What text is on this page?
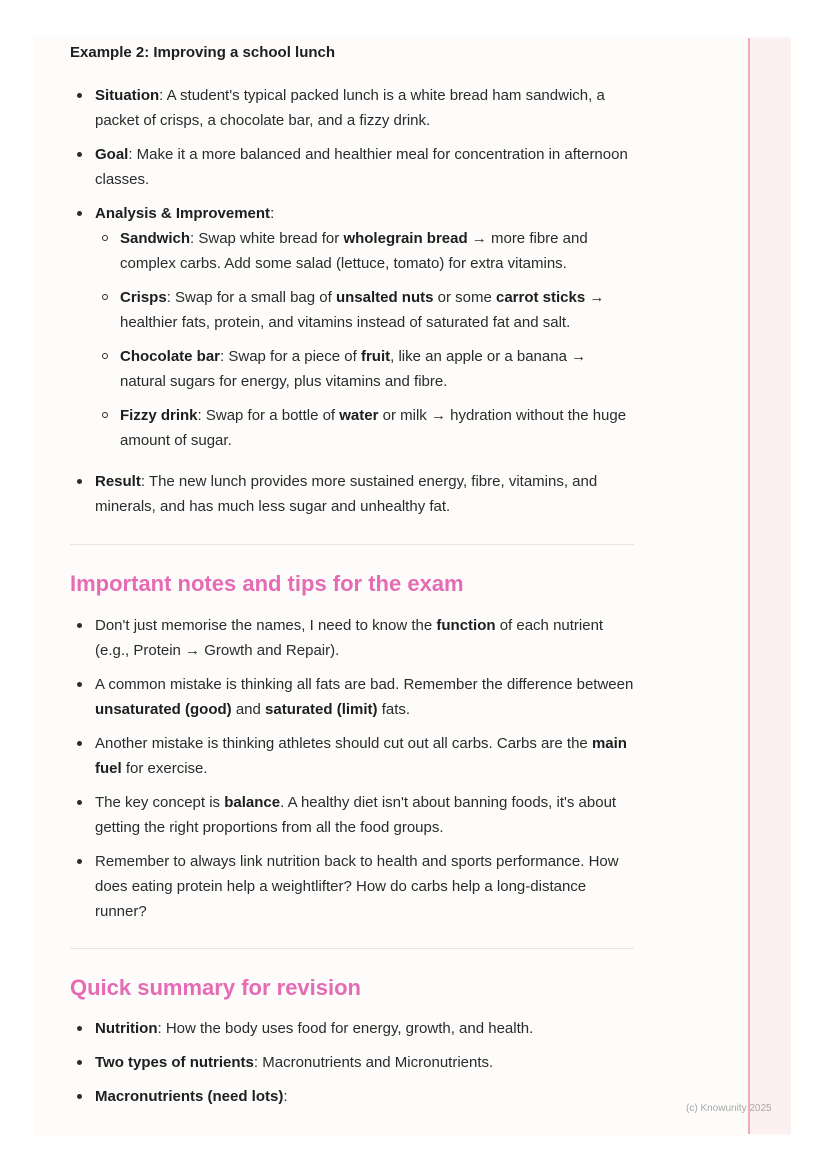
Example 2: Improving a school lunch
Situation: A student's typical packed lunch is a white bread ham sandwich, a packet of crisps, a chocolate bar, and a fizzy drink.
Goal: Make it a more balanced and healthier meal for concentration in afternoon classes.
Analysis & Improvement:
Sandwich: Swap white bread for wholegrain bread → more fibre and complex carbs. Add some salad (lettuce, tomato) for extra vitamins.
Crisps: Swap for a small bag of unsalted nuts or some carrot sticks → healthier fats, protein, and vitamins instead of saturated fat and salt.
Chocolate bar: Swap for a piece of fruit, like an apple or a banana → natural sugars for energy, plus vitamins and fibre.
Fizzy drink: Swap for a bottle of water or milk → hydration without the huge amount of sugar.
Result: The new lunch provides more sustained energy, fibre, vitamins, and minerals, and has much less sugar and unhealthy fat.
Important notes and tips for the exam
Don't just memorise the names, I need to know the function of each nutrient (e.g., Protein → Growth and Repair).
A common mistake is thinking all fats are bad. Remember the difference between unsaturated (good) and saturated (limit) fats.
Another mistake is thinking athletes should cut out all carbs. Carbs are the main fuel for exercise.
The key concept is balance. A healthy diet isn't about banning foods, it's about getting the right proportions from all the food groups.
Remember to always link nutrition back to health and sports performance. How does eating protein help a weightlifter? How do carbs help a long-distance runner?
Quick summary for revision
Nutrition: How the body uses food for energy, growth, and health.
Two types of nutrients: Macronutrients and Micronutrients.
Macronutrients (need lots):
(c) Knowunity 2025
